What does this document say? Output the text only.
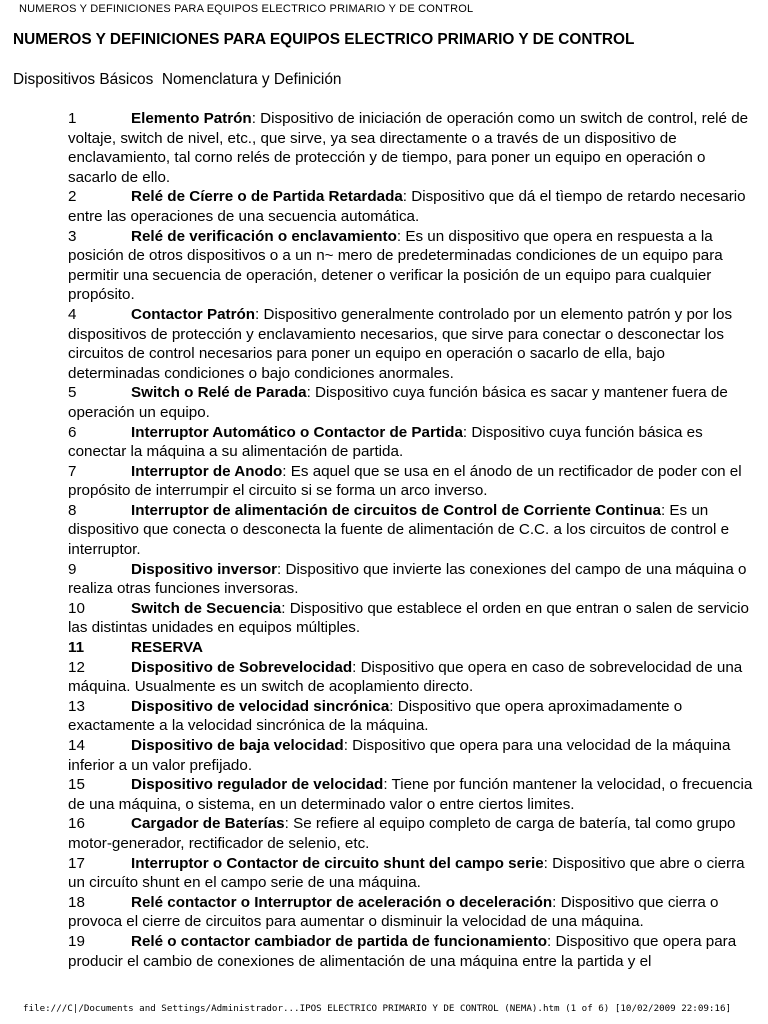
NUMEROS Y DEFINICIONES PARA EQUIPOS ELECTRICO PRIMARIO Y DE CONTROL
NUMEROS Y DEFINICIONES PARA EQUIPOS ELECTRICO PRIMARIO Y DE CONTROL
Dispositivos Básicos  Nomenclatura y Definición

1	Elemento Patrón: Dispositivo de iniciación de operación como un switch de control, relé de voltaje, switch de nivel, etc., que sirve, ya sea directamente o a través de un dispositivo de enclavamiento, tal corno relés de protección y de tiempo, para poner un equipo en operación o sacarlo de ello.

2	Relé de Cíerre o de Partida Retardada: Dispositivo que dá el tìempo de retardo necesario entre las operaciones de una secuencia automática.

3	Relé de verificación o enclavamiento: Es un dispositivo que opera en respuesta a la posición de otros dispositivos o a un n~ mero de predeterminadas condiciones de un equipo para permitir una secuencia de operación, detener o verificar la posición de un equipo para cualquier propósito.

4	Contactor Patrón: Dispositivo generalmente controlado por un elemento patrón y por los dispositivos de protección y enclavamiento necesarios, que sirve para conectar o desconectar los circuitos de control necesarios para poner un equipo en operación o sacarlo de ella, bajo determinadas condiciones o bajo condiciones anormales.

5	Switch o Relé de Parada: Dispositivo cuya función básica es sacar y mantener fuera de operación un equipo.

6	Interruptor Automático o Contactor de Partida: Dispositivo cuya función básica es conectar la máquina a su alimentación de partida.

7	Interruptor de Anodo: Es aquel que se usa en el ánodo de un rectificador de poder con el propósito de interrumpir el circuito si se forma un arco inverso.

8	Interruptor de alimentación de circuitos de Control de Corriente Continua: Es un dispositivo que conecta o desconecta la fuente de alimentación de C.C. a los circuitos de control e interruptor.

9	Dispositivo inversor: Dispositivo que invierte las conexiones del campo de una máquina o realiza otras funciones inversoras.

10	Switch de Secuencia: Dispositivo que establece el orden en que entran o salen de servicio las distintas unidades en equipos múltiples.

11	RESERVA

12	Dispositivo de Sobrevelocidad: Dispositivo que opera en caso de sobrevelocidad de una máquina. Usualmente es un switch de acoplamiento directo.

13	Dispositivo de velocidad sincrónica: Dispositivo que opera aproximadamente o exactamente a la velocidad sincrónica de la máquina.

14	Dispositivo de baja velocidad: Dispositivo que opera para una velocidad de la máquina inferior a un valor prefijado.

15	Dispositivo regulador de velocidad: Tiene por función mantener la velocidad, o frecuencia de una máquina, o sistema, en un determinado valor o entre ciertos limites.

16	Cargador de Baterías: Se refiere al equipo completo de carga de batería, tal como grupo motor-generador, rectificador de selenio, etc.

17	Interruptor o Contactor de circuito shunt del campo serie: Dispositivo que abre o cierra un circuíto shunt en el campo serie de una máquina.

18	Relé contactor o Interruptor de aceleración o deceleración: Dispositivo que cierra o provoca el cierre de circuitos para aumentar o disminuir la velocidad de una máquina.

19	Relé o contactor cambiador de partida de funcionamiento: Dispositivo que opera para producir el cambio de conexiones de alimentación de una máquina entre la partida y el

file:///C|/Documents and Settings/Administrador...IPOS ELECTRICO PRIMARIO Y DE CONTROL (NEMA).htm (1 of 6) [10/02/2009 22:09:16]
